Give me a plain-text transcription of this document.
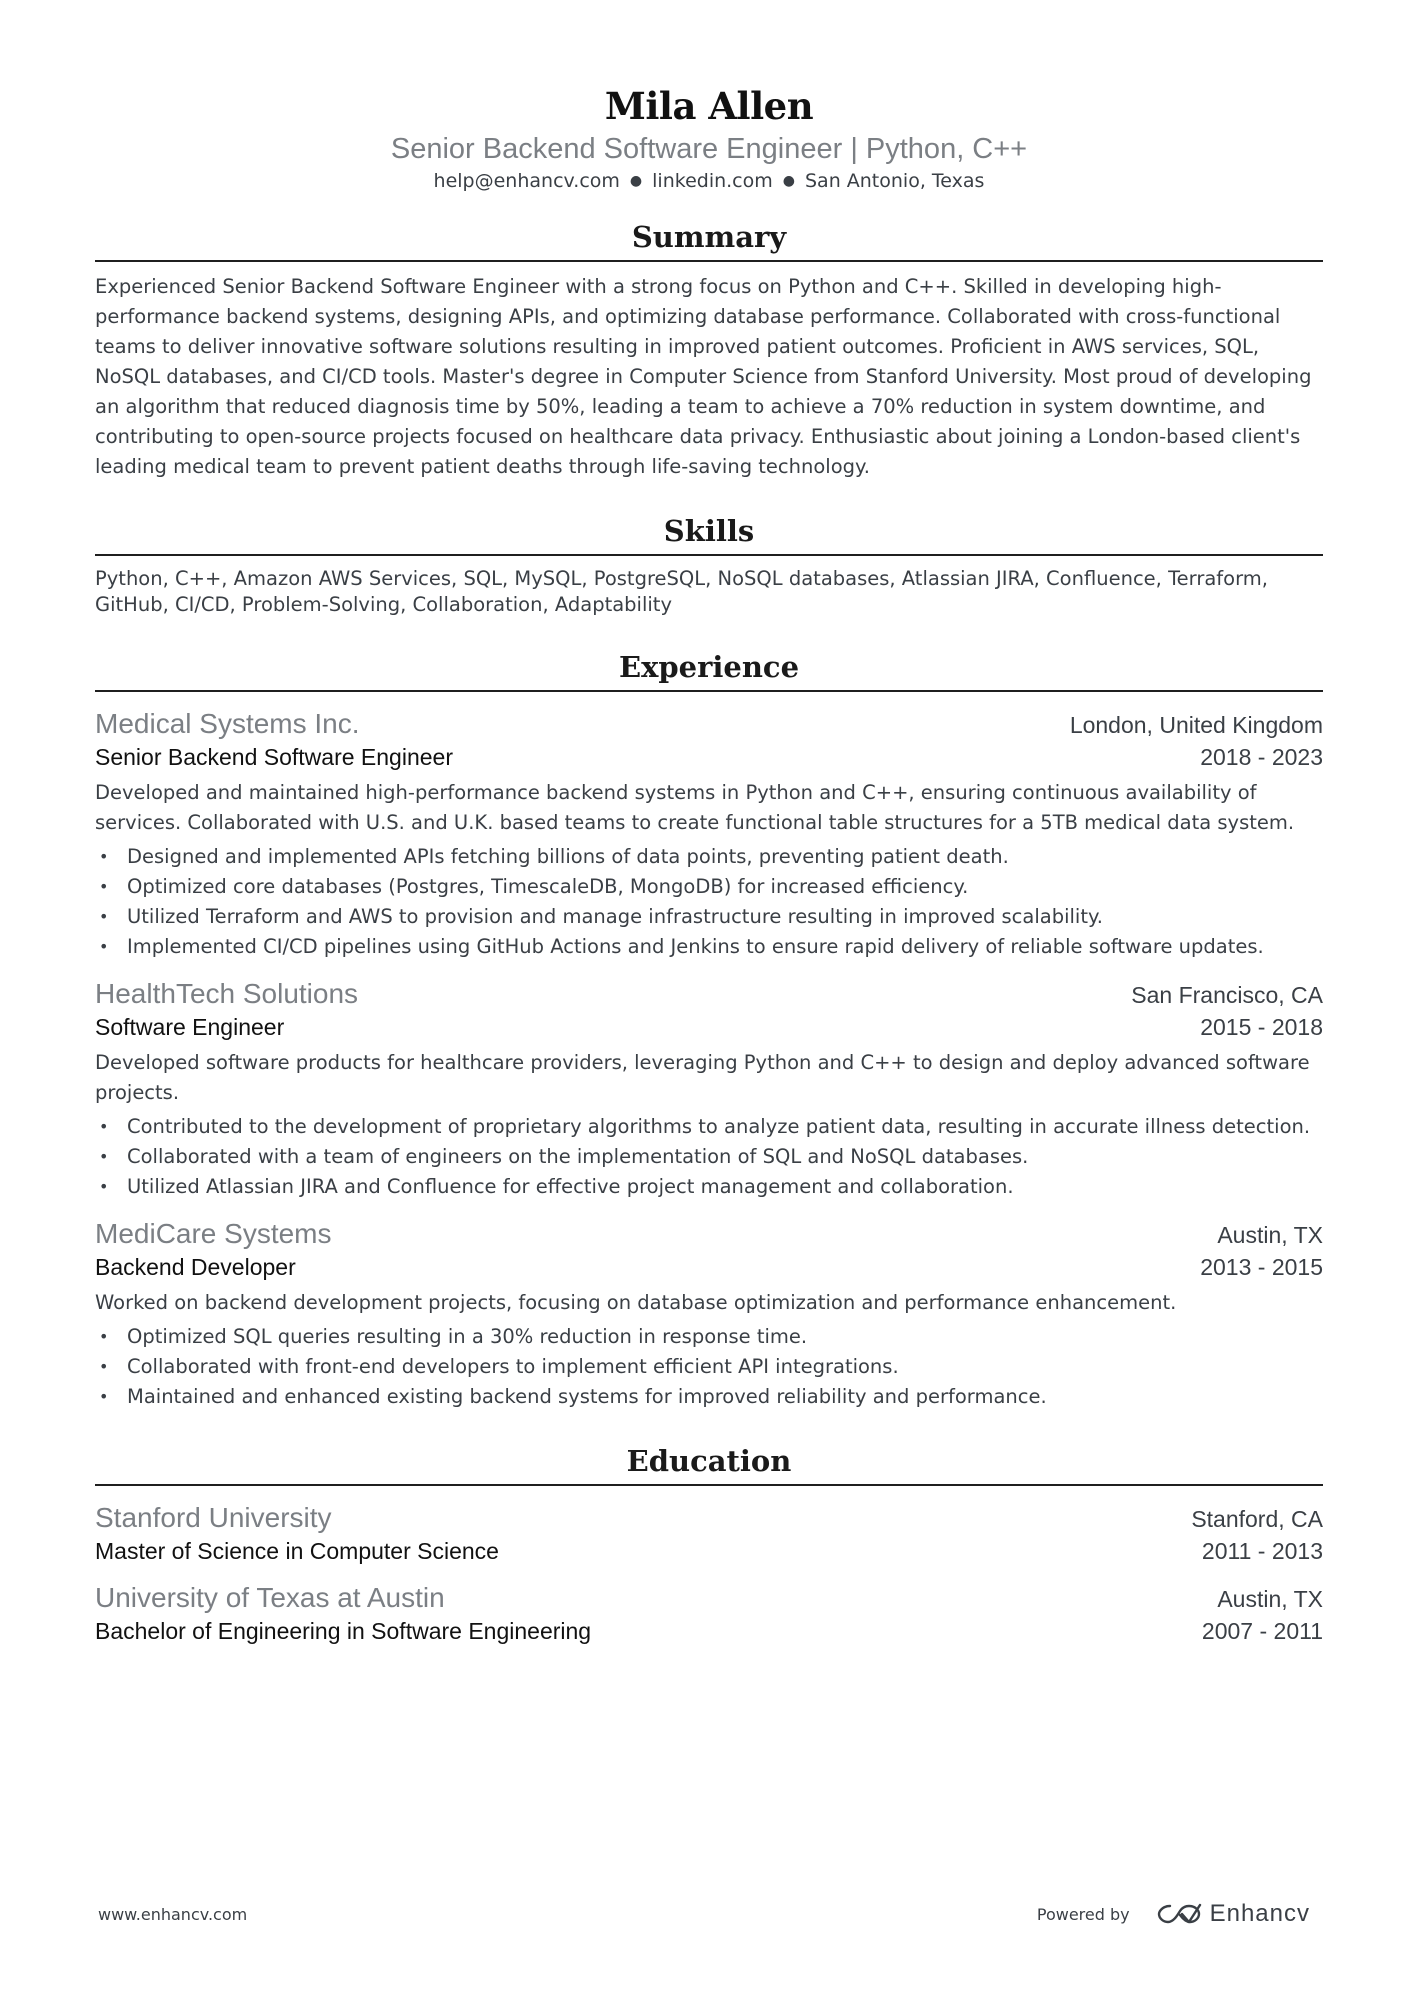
Mila Allen
Senior Backend Software Engineer | Python, C++
help@enhancv.com ● linkedin.com ● San Antonio, Texas
Summary
Experienced Senior Backend Software Engineer with a strong focus on Python and C++. Skilled in developing high-performance backend systems, designing APIs, and optimizing database performance. Collaborated with cross-functional teams to deliver innovative software solutions resulting in improved patient outcomes. Proficient in AWS services, SQL, NoSQL databases, and CI/CD tools. Master's degree in Computer Science from Stanford University. Most proud of developing an algorithm that reduced diagnosis time by 50%, leading a team to achieve a 70% reduction in system downtime, and contributing to open-source projects focused on healthcare data privacy. Enthusiastic about joining a London-based client's leading medical team to prevent patient deaths through life-saving technology.
Skills
Python, C++, Amazon AWS Services, SQL, MySQL, PostgreSQL, NoSQL databases, Atlassian JIRA, Confluence, Terraform, GitHub, CI/CD, Problem-Solving, Collaboration, Adaptability
Experience
Medical Systems Inc.	London, United Kingdom
Senior Backend Software Engineer	2018 - 2023
Developed and maintained high-performance backend systems in Python and C++, ensuring continuous availability of services. Collaborated with U.S. and U.K. based teams to create functional table structures for a 5TB medical data system.
• Designed and implemented APIs fetching billions of data points, preventing patient death.
• Optimized core databases (Postgres, TimescaleDB, MongoDB) for increased efficiency.
• Utilized Terraform and AWS to provision and manage infrastructure resulting in improved scalability.
• Implemented CI/CD pipelines using GitHub Actions and Jenkins to ensure rapid delivery of reliable software updates.
HealthTech Solutions	San Francisco, CA
Software Engineer	2015 - 2018
Developed software products for healthcare providers, leveraging Python and C++ to design and deploy advanced software projects.
• Contributed to the development of proprietary algorithms to analyze patient data, resulting in accurate illness detection.
• Collaborated with a team of engineers on the implementation of SQL and NoSQL databases.
• Utilized Atlassian JIRA and Confluence for effective project management and collaboration.
MediCare Systems	Austin, TX
Backend Developer	2013 - 2015
Worked on backend development projects, focusing on database optimization and performance enhancement.
• Optimized SQL queries resulting in a 30% reduction in response time.
• Collaborated with front-end developers to implement efficient API integrations.
• Maintained and enhanced existing backend systems for improved reliability and performance.
Education
Stanford University	Stanford, CA
Master of Science in Computer Science	2011 - 2013
University of Texas at Austin	Austin, TX
Bachelor of Engineering in Software Engineering	2007 - 2011
www.enhancv.com	Powered by	Enhancv
